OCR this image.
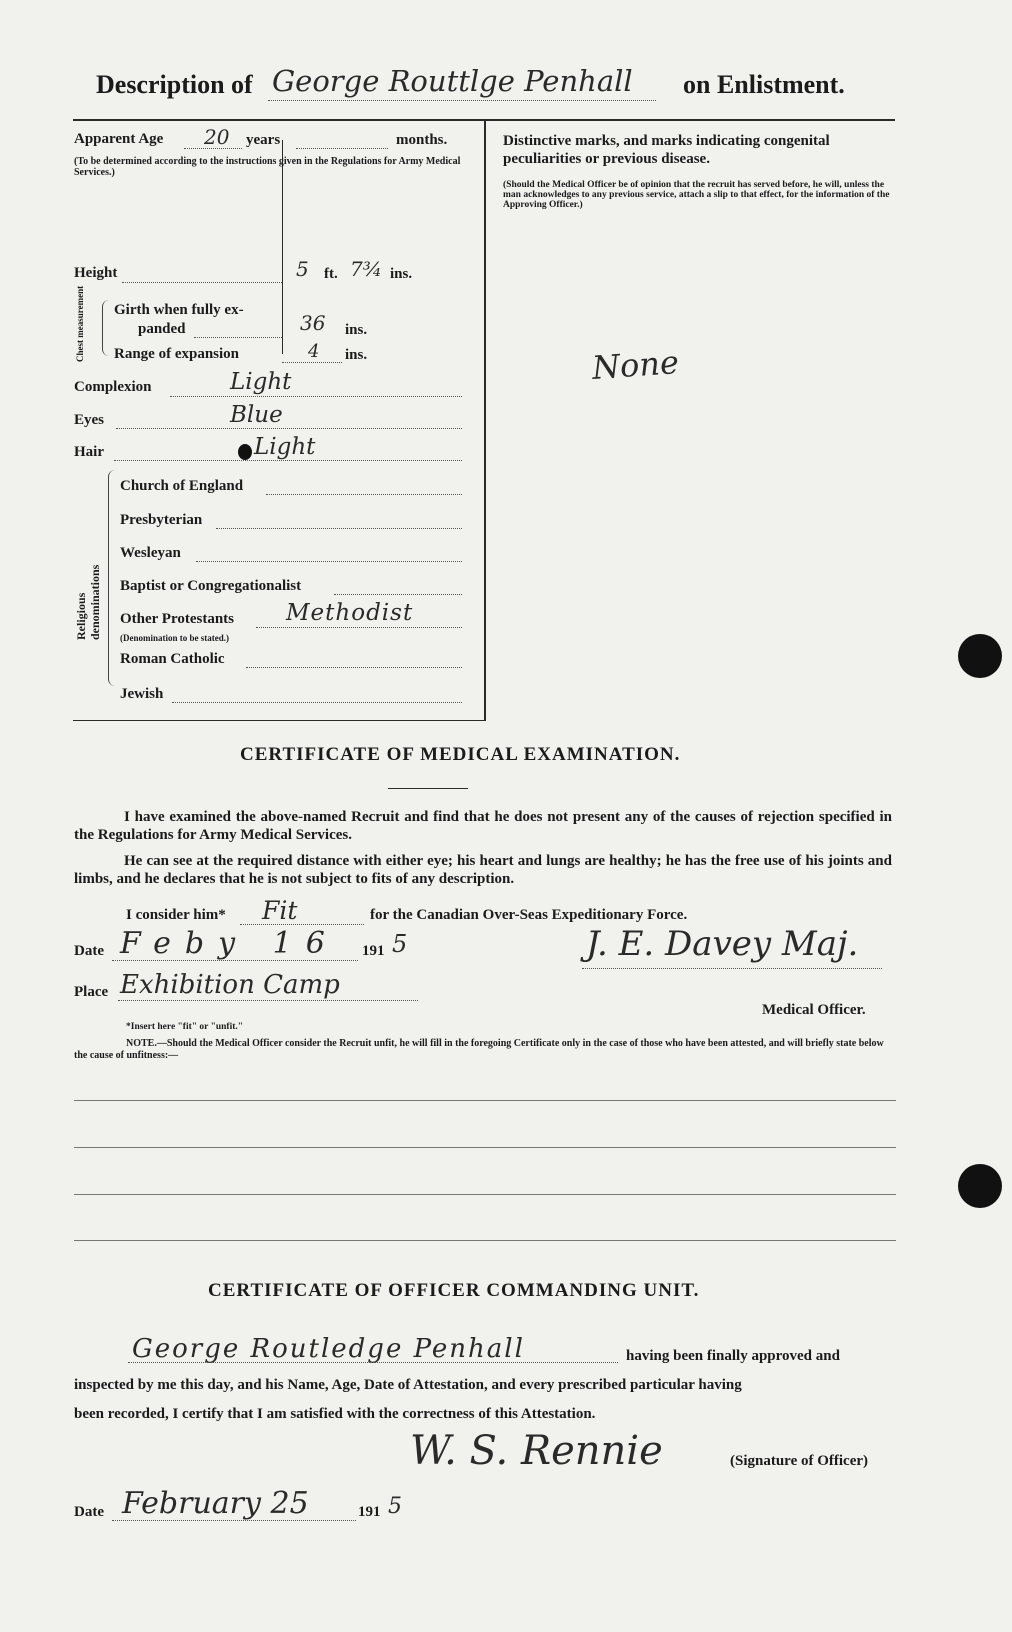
Description of George Routtlge Penhall on Enlistment.
Apparent Age 20 years	months.
(To be determined according to the instructions given in the Regulations for Army Medical Services.)
Height	5 ft. 7¾ ins.
Chest measurement Girth when fully ex-
panded	36 ins.
Range of expansion	4 ins.
Complexion	Light
Eyes	Blue
Hair	Light
Religious denominations
Church of England
Presbyterian
Wesleyan
Baptist or Congregationalist
Other Protestants Methodist
(Denomination to be stated.)
Roman Catholic
Jewish
Distinctive marks, and marks indicating congenital
peculiarities or previous disease.
(Should the Medical Officer be of opinion that the recruit has served before, he will, unless the man acknowledges to any previous service, attach a slip to that effect, for the information of the Approving Officer.)
None
CERTIFICATE OF MEDICAL EXAMINATION.
I have examined the above-named Recruit and find that he does not present any of the causes of rejection specified in the Regulations for Army Medical Services.
He can see at the required distance with either eye; his heart and lungs are healthy; he has the free use of his joints and limbs, and he declares that he is not subject to fits of any description.
I consider him* Fit	for the Canadian Over-Seas Expeditionary Force.
Date Feby 16 191 5	J. E. Davey Maj.
Place Exhibition Camp
Medical Officer.
*Insert here "fit" or "unfit."
NOTE.—Should the Medical Officer consider the Recruit unfit, he will fill in the foregoing Certificate only in the case of those who have been attested, and will briefly state below the cause of unfitness:—
CERTIFICATE OF OFFICER COMMANDING UNIT.
George Routledge Penhall	having been finally approved and
inspected by me this day, and his Name, Age, Date of Attestation, and every prescribed particular having
been recorded, I certify that I am satisfied with the correctness of this Attestation.
W. S. Rennie	(Signature of Officer)
Date February 25	191 5
